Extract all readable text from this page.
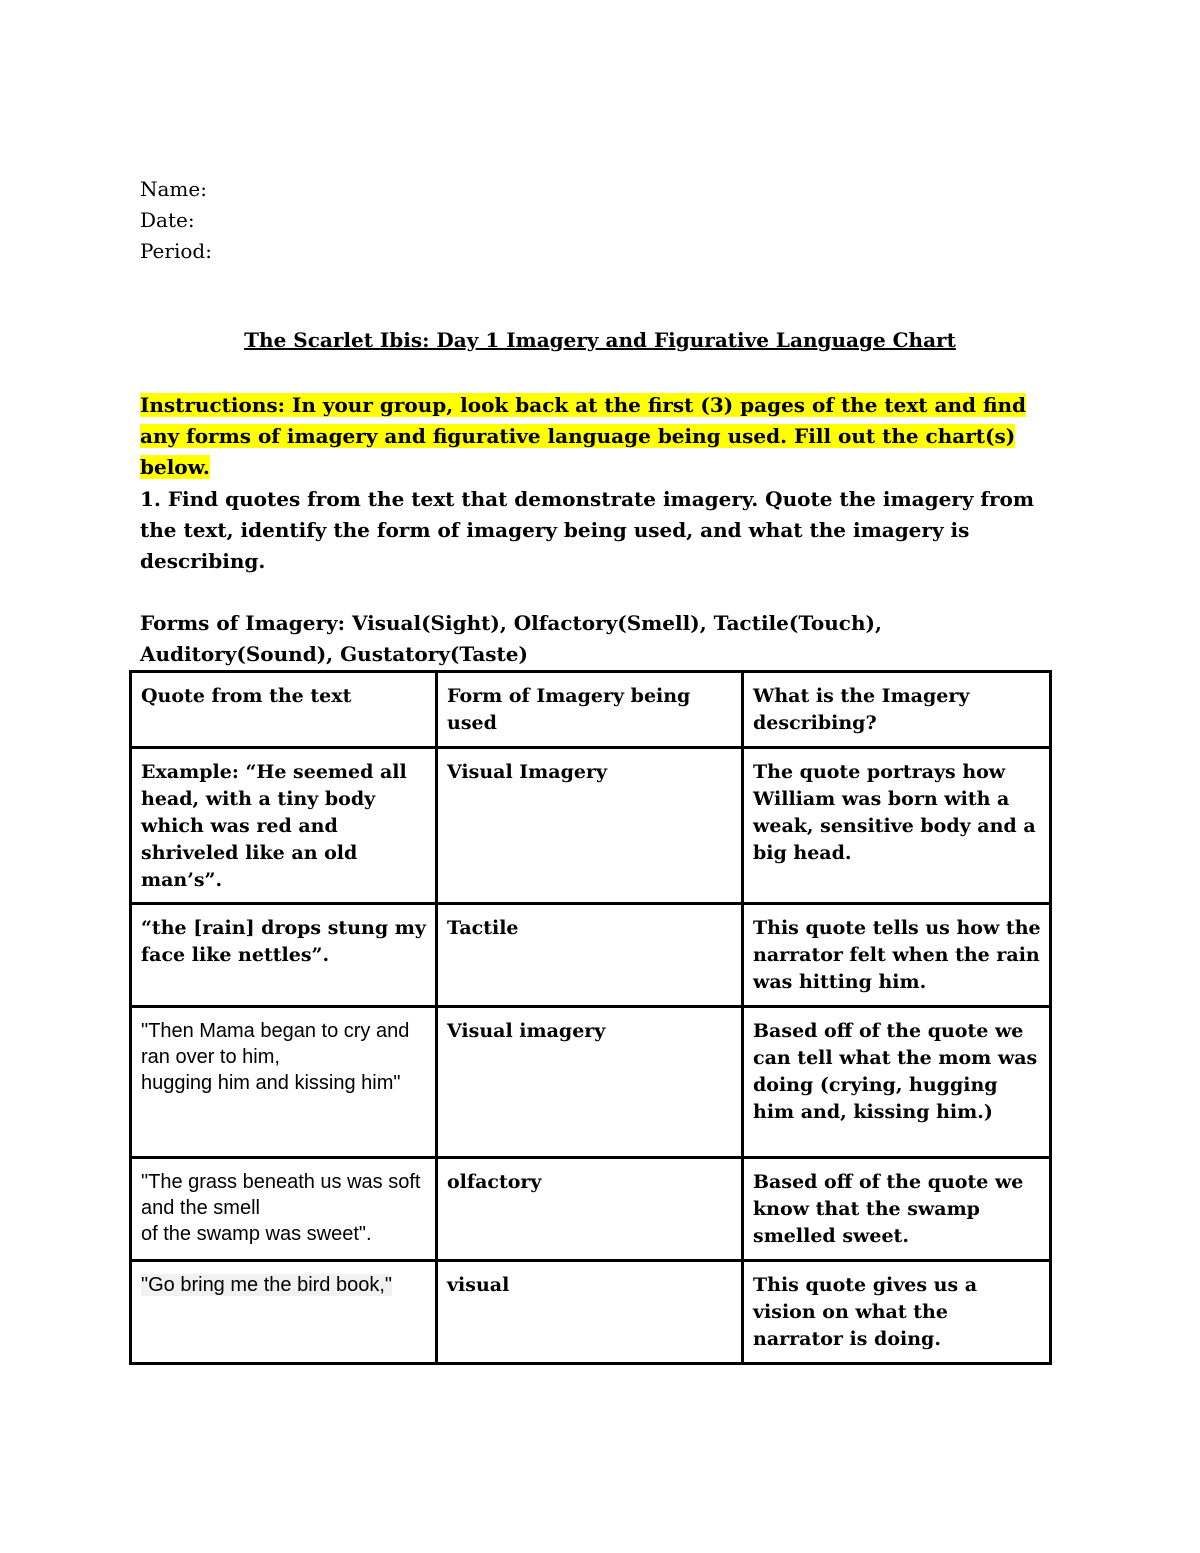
Name:
Date:
Period:
The Scarlet Ibis: Day 1 Imagery and Figurative Language Chart
Instructions: In your group, look back at the first (3) pages of the text and find any forms of imagery and figurative language being used. Fill out the chart(s) below.
1. Find quotes from the text that demonstrate imagery. Quote the imagery from the text, identify the form of imagery being used, and what the imagery is describing.
Forms of Imagery: Visual(Sight), Olfactory(Smell), Tactile(Touch), Auditory(Sound), Gustatory(Taste)
Quote from the text	Form of Imagery being used	What is the Imagery describing?
Example: “He seemed all head, with a tiny body which was red and shriveled like an old man’s”.	Visual Imagery	The quote portrays how William was born with a weak, sensitive body and a big head.
“the [rain] drops stung my face like nettles”.	Tactile	This quote tells us how the narrator felt when the rain was hitting him.
"Then Mama began to cry and
ran over to him,
hugging him and kissing him"	Visual imagery	Based off of the quote we can tell what the mom was doing (crying, hugging him and, kissing him.)
"The grass beneath us was soft and the smell
of the swamp was sweet".	olfactory	Based off of the quote we know that the swamp smelled sweet.
"Go bring me the bird book,"	visual	This quote gives us a vision on what the narrator is doing.
